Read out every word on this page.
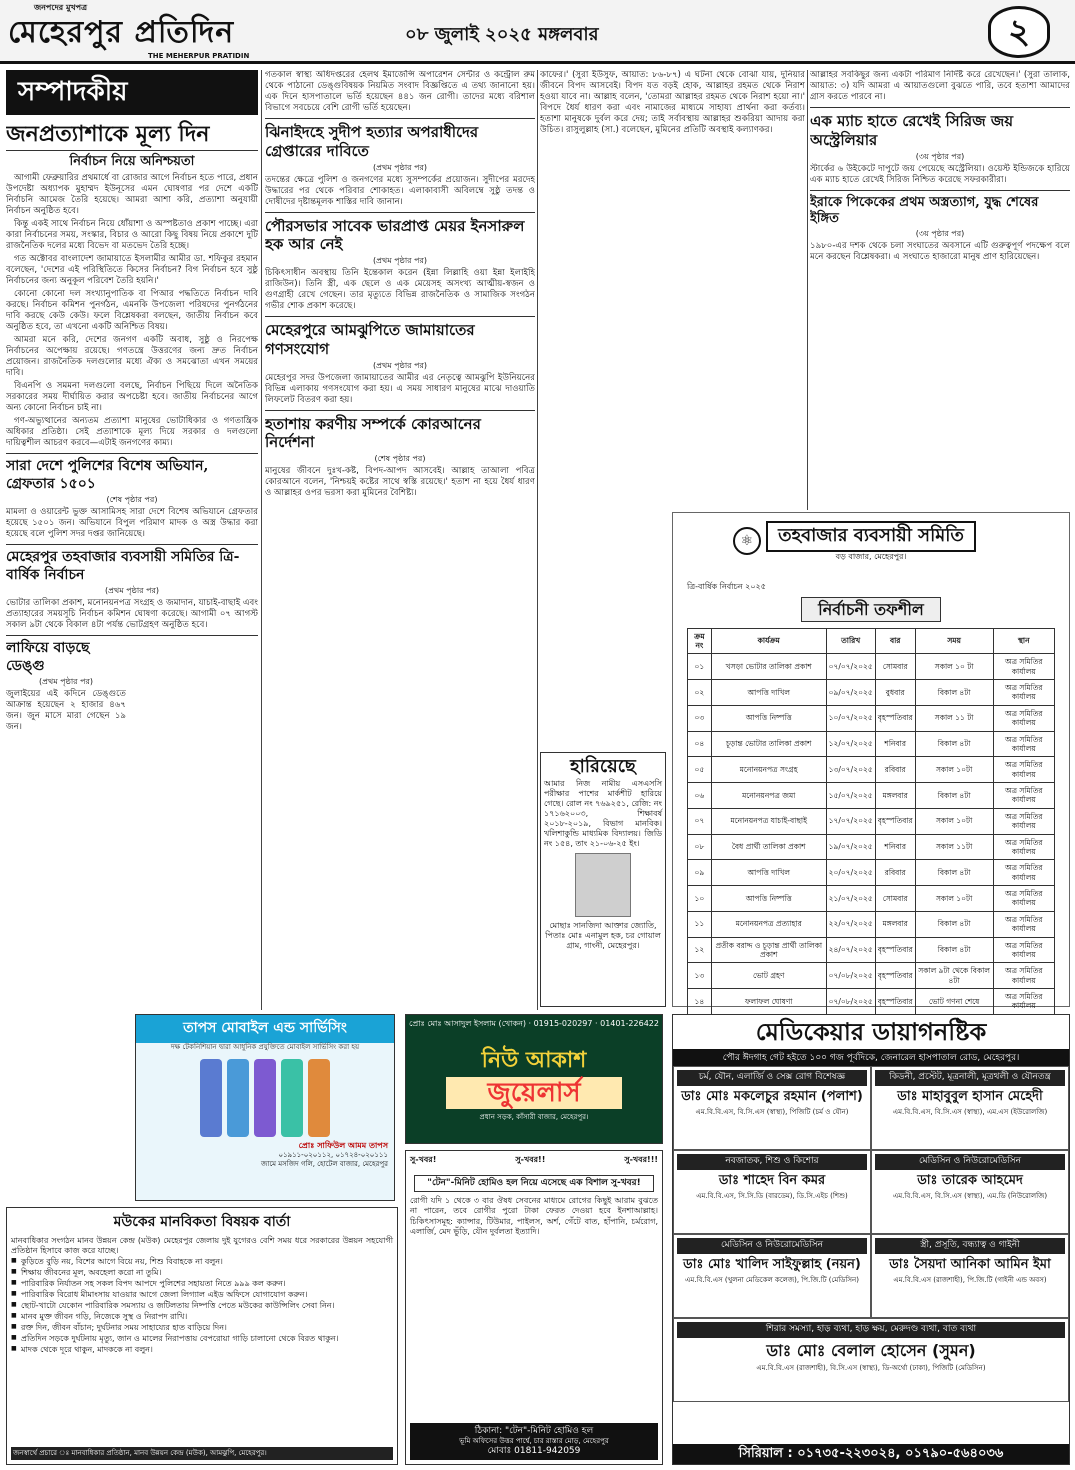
জনপদের মুখপত্র
মেহেরপুর প্রতিদিন
THE MEHERPUR PRATIDIN
০৮ জুলাই ২০২৫ মঙ্গলবার	২
সম্পাদকীয়
জনপ্রত্যাশাকে মূল্য দিন
নির্বাচন নিয়ে অনিশ্চয়তা

আগামী ফেব্রুয়ারির প্রথমার্ধে বা রোজার আগে নির্বাচন হতে পারে, প্রধান উপদেষ্টা অধ্যাপক মুহাম্মদ ইউনূসের এমন ঘোষণার পর দেশে একটি নির্বাচনি আমেজ তৈরি হয়েছে। আমরা আশা করি, প্রত্যাশা অনুযায়ী নির্বাচন অনুষ্ঠিত হবে।

কিন্তু একই সাথে নির্বাচন নিয়ে ধোঁয়াশা ও অস্পষ্টতাও প্রকাশ পাচ্ছে। এরা কারা নির্বাচনের সময়, সংস্কার, বিচার ও আরো কিছু বিষয় নিয়ে প্রকাশে দুটি রাজনৈতিক দলের মধ্যে বিভেদ বা মতভেদ তৈরি হচ্ছে।

গত অক্টোবর বাংলাদেশ জামায়াতে ইসলামীর আমীর ডা. শফিকুর রহমান বলেছেন, 'দেশের এই পরিস্থিতিতে কিসের নির্বাচন? বিগ নির্বাচন হবে সুষ্ঠু নির্বাচনের জন্য অনুকূল পরিবেশ তৈরি হয়নি।'

কোনো কোনো দল সংখ্যানুপাতিক বা পিআর পদ্ধতিতে নির্বাচন দাবি করছে। নির্বাচন কমিশন পুনর্গঠন, এমনকি উপজেলা পরিষদের পুনর্গঠনের দাবি করছে কেউ কেউ। ফলে বিশ্লেষকরা বলছেন, জাতীয় নির্বাচন কবে অনুষ্ঠিত হবে, তা এখনো একটি অনিশ্চিত বিষয়।

আমরা মনে করি, দেশের জনগণ একটি অবাধ, সুষ্ঠু ও নিরপেক্ষ নির্বাচনের অপেক্ষায় রয়েছে। গণতন্ত্রে উত্তরণের জন্য দ্রুত নির্বাচন প্রয়োজন। রাজনৈতিক দলগুলোর মধ্যে ঐক্য ও সমঝোতা এখন সময়ের দাবি।

বিএনপি ও সমমনা দলগুলো বলছে, নির্বাচন পিছিয়ে দিলে অনৈতিক সরকারের সময় দীর্ঘায়িত করার অপচেষ্টা হবে। জাতীয় নির্বাচনের আগে অন্য কোনো নির্বাচন চাই না।

গণ-অভ্যুত্থানের অন্যতম প্রত্যাশা মানুষের ভোটাধিকার ও গণতান্ত্রিক অধিকার প্রতিষ্ঠা। সেই প্রত্যাশাকে মূল্য দিয়ে সরকার ও দলগুলো দায়িত্বশীল আচরণ করবে—এটাই জনগণের কাম্য।

সারা দেশে পুলিশের বিশেষ অভিযান, গ্রেফতার ১৫০১
(শেষ পৃষ্ঠার পর)
মামলা ও ওয়ারেন্ট ভুক্ত আসামিসহ সারা দেশে বিশেষ অভিযানে গ্রেফতার হয়েছে ১৫০১ জন। অভিযানে বিপুল পরিমাণ মাদক ও অস্ত্র উদ্ধার করা হয়েছে বলে পুলিশ সদর দপ্তর জানিয়েছে।
মেহেরপুর তহবাজার ব্যবসায়ী সমিতির ত্রি-বার্ষিক নির্বাচন
(প্রথম পৃষ্ঠার পর)
ভোটার তালিকা প্রকাশ, মনোনয়নপত্র সংগ্রহ ও জমাদান, যাচাই-বাছাই এবং প্রত্যাহারের সময়সূচি নির্বাচন কমিশন ঘোষণা করেছে। আগামী ০৭ আগস্ট সকাল ৯টা থেকে বিকাল ৪টা পর্যন্ত ভোটগ্রহণ অনুষ্ঠিত হবে।
লাফিয়ে বাড়ছে ডেঙ্গু
(প্রথম পৃষ্ঠার পর)
জুলাইয়ের এই কদিনে ডেঙ্গুতে আক্রান্ত হয়েছেন ২ হাজার ৪৬৭ জন। জুন মাসে মারা গেছেন ১৯ জন।
গতকাল স্বাস্থ্য অধিদপ্তরের হেলথ ইমার্জেন্সি অপারেশন সেন্টার ও কন্ট্রোল রুম থেকে পাঠানো ডেঙ্গুবিষয়ক নিয়মিত সংবাদ বিজ্ঞপ্তিতে এ তথ্য জানানো হয়। এক দিনে হাসপাতালে ভর্তি হয়েছেন ৪৪১ জন রোগী। তাদের মধ্যে বরিশাল বিভাগে সবচেয়ে বেশি রোগী ভর্তি হয়েছেন।
ঝিনাইদহে সুদীপ হত্যার অপরাধীদের গ্রেপ্তারের দাবিতে
(প্রথম পৃষ্ঠার পর)
তদন্তের ক্ষেত্রে পুলিশ ও জনগণের মধ্যে সুসম্পর্কের প্রয়োজন। সুদীপের মরদেহ উদ্ধারের পর থেকে পরিবার শোকাহত। এলাকাবাসী অবিলম্বে সুষ্ঠু তদন্ত ও দোষীদের দৃষ্টান্তমূলক শাস্তির দাবি জানান।
পৌরসভার সাবেক ভারপ্রাপ্ত মেয়র ইনসারুল হক আর নেই
(প্রথম পৃষ্ঠার পর)
চিকিৎসাধীন অবস্থায় তিনি ইন্তেকাল করেন (ইন্না লিল্লাহি ওয়া ইন্না ইলাইহি রাজিউন)। তিনি স্ত্রী, এক ছেলে ও এক মেয়েসহ অসংখ্য আত্মীয়-স্বজন ও গুণগ্রাহী রেখে গেছেন। তার মৃত্যুতে বিভিন্ন রাজনৈতিক ও সামাজিক সংগঠন গভীর শোক প্রকাশ করেছে।
মেহেরপুরে আমঝুপিতে জামায়াতের গণসংযোগ
(প্রথম পৃষ্ঠার পর)
মেহেরপুর সদর উপজেলা জামায়াতের আমীর এর নেতৃত্বে আমঝুপি ইউনিয়নের বিভিন্ন এলাকায় গণসংযোগ করা হয়। এ সময় সাধারণ মানুষের মাঝে দাওয়াতি লিফলেট বিতরণ করা হয়।
হতাশায় করণীয় সম্পর্কে কোরআনের নির্দেশনা
(শেষ পৃষ্ঠার পর)
মানুষের জীবনে দুঃখ-কষ্ট, বিপদ-আপদ আসবেই। আল্লাহ তাআলা পবিত্র কোরআনে বলেন, 'নিশ্চয়ই কষ্টের সাথে স্বস্তি রয়েছে।' হতাশ না হয়ে ধৈর্য ধারণ ও আল্লাহর ওপর ভরসা করা মুমিনের বৈশিষ্ট্য।
কাফের।' (সুরা ইউসুফ, আয়াত: ৮৬-৮৭) এ ঘটনা থেকে বোঝা যায়, দুনিয়ার জীবনে বিপদ আসবেই। বিপদ যত বড়ই হোক, আল্লাহর রহমত থেকে নিরাশ হওয়া যাবে না। আল্লাহ বলেন, 'তোমরা আল্লাহর রহমত থেকে নিরাশ হয়ো না।' বিপদে ধৈর্য ধারণ করা এবং নামাজের মাধ্যমে সাহায্য প্রার্থনা করা কর্তব্য। হতাশা মানুষকে দুর্বল করে দেয়; তাই সর্বাবস্থায় আল্লাহর শুকরিয়া আদায় করা উচিত। রাসুলুল্লাহ (সা.) বলেছেন, মুমিনের প্রতিটি অবস্থাই কল্যাণকর।
আল্লাহর সবকিছুর জন্য একটা পরিমাণ নির্দিষ্ট করে রেখেছেন।' (সুরা তালাক, আয়াত: ৩) যদি আমরা এ আয়াতগুলো বুঝতে পারি, তবে হতাশা আমাদের গ্রাস করতে পারবে না।
এক ম্যাচ হাতে রেখেই সিরিজ জয় অস্ট্রেলিয়ার
(৩য় পৃষ্ঠার পর)
স্টার্কের ৬ উইকেটে দাপুটে জয় পেয়েছে অস্ট্রেলিয়া। ওয়েস্ট ইন্ডিজকে হারিয়ে এক ম্যাচ হাতে রেখেই সিরিজ নিশ্চিত করেছে সফরকারীরা।
ইরাকে পিকেকের প্রথম অস্ত্রত্যাগ, যুদ্ধ শেষের ইঙ্গিত
(৩য় পৃষ্ঠার পর)
১৯৮০-এর দশক থেকে চলা সংঘাতের অবসানে এটি গুরুত্বপূর্ণ পদক্ষেপ বলে মনে করছেন বিশ্লেষকরা। এ সংঘাতে হাজারো মানুষ প্রাণ হারিয়েছেন।
হারিয়েছে
আমার নিজ নামীয় এসএসসি পরীক্ষার পাশের মার্কশীট হারিয়ে গেছে। রোল নং ৭৬৯২৫১, রেজি: নং ১৭১৬২০০৩, শিক্ষাবর্ষ ২০১৮-২০১৯, বিভাগ মানবিক। খলিশাকুন্ডি মাধ্যমিক বিদ্যালয়। জিডি নং ১৫৪, তাং ২১-০৬-২৫ ইং।
মোছাঃ সানজিদা আক্তার জ্যোতি, পিতাঃ মোঃ এনামুল হক, চর গোয়াল গ্রাম, গাংনী, মেহেরপুর।
⚛	তহবাজার ব্যবসায়ী সমিতি
বড় বাজার, মেহেরপুর।
ত্রি-বার্ষিক নির্বাচন ২০২৫
নির্বাচনী তফশীল
ক্রম নং	কার্যক্রম	তারিখ	বার	সময়	স্থান
০১	খসড়া ভোটার তালিকা প্রকাশ	০৭/০৭/২০২৫	সোমবার	সকাল ১০ টা	অত্র সমিতির কার্যালয়
০২	আপত্তি দাখিল	০৯/০৭/২০২৫	বুধবার	বিকাল ৪টা	অত্র সমিতির কার্যালয়
০৩	আপত্তি নিষ্পত্তি	১০/০৭/২০২৫	বৃহস্পতিবার	সকাল ১১ টা	অত্র সমিতির কার্যালয়
০৪	চূড়ান্ত ভোটার তালিকা প্রকাশ	১২/০৭/২০২৫	শনিবার	বিকাল ৪টা	অত্র সমিতির কার্যালয়
০৫	মনোনয়নপত্র সংগ্রহ	১৩/০৭/২০২৫	রবিবার	সকাল ১০টা	অত্র সমিতির কার্যালয়
০৬	মনোনয়নপত্র জমা	১৫/০৭/২০২৫	মঙ্গলবার	বিকাল ৪টা	অত্র সমিতির কার্যালয়
০৭	মনোনয়নপত্র যাচাই-বাছাই	১৭/০৭/২০২৫	বৃহস্পতিবার	সকাল ১০টা	অত্র সমিতির কার্যালয়
০৮	বৈধ প্রার্থী তালিকা প্রকাশ	১৯/০৭/২০২৫	শনিবার	সকাল ১১টা	অত্র সমিতির কার্যালয়
০৯	আপত্তি দাখিল	২০/০৭/২০২৫	রবিবার	বিকাল ৪টা	অত্র সমিতির কার্যালয়
১০	আপত্তি নিষ্পত্তি	২১/০৭/২০২৫	সোমবার	সকাল ১০টা	অত্র সমিতির কার্যালয়
১১	মনোনয়নপত্র প্রত্যাহার	২২/০৭/২০২৫	মঙ্গলবার	বিকাল ৪টা	অত্র সমিতির কার্যালয়
১২	প্রতীক বরাদ্দ ও চূড়ান্ত প্রার্থী তালিকা প্রকাশ	২৪/০৭/২০২৫	বৃহস্পতিবার	বিকাল ৪টা	অত্র সমিতির কার্যালয়
১৩	ভোট গ্রহণ	০৭/০৮/২০২৫	বৃহস্পতিবার	সকাল ৯টা থেকে বিকাল ৪টা	অত্র সমিতির কার্যালয়
১৪	ফলাফল ঘোষণা	০৭/০৮/২০২৫	বৃহস্পতিবার	ভোট গণনা শেষে	অত্র সমিতির কার্যালয়

তাপস মোবাইল এন্ড সার্ভিসিং
দক্ষ টেকনিশিয়ান দ্বারা আধুনিক প্রযুক্তিতে মোবাইল সার্ভিসিং করা হয়
প্রোঃ সাফিউল আমম তাপস
০১৯১১-০২০১১২, ০১৭২৪-০২০১১১
জামে মসজিদ গলি, হোটেল বাজার, মেহেরপুর
প্রোঃ মোঃ আসাদুল ইসলাম (খোকন) · 01915-020297 · 01401-226422
নিউ আকাশ
জুয়েলার্স
প্রধান সড়ক, কাঁসারী বাজার, মেহেরপুর।
সু-খবর!	সু-খবর!!	সু-খবর!!!
"টেন"-মিনিট হোমিও হল নিয়ে এসেছে এক বিশাল সু-খবর!
রোগী যদি ১ থেকে ৩ বার ঔষধ সেবনের মাধ্যমে রোগের কিছুই আরাম বুঝতে না পারেন, তবে রোগীর পুরো টাকা ফেরত দেওয়া হবে ইনশাআল্লাহ। চিকিৎসাসমূহ: ক্যান্সার, টিউমার, পাইলস, অর্শ, গেঁটে বাত, হাঁপানি, চর্মরোগ, এলার্জি, মেদ ভুঁড়ি, যৌন দুর্বলতা ইত্যাদি।
ঠিকানা: "টেন"-মিনিট হোমিও হল
ভূমি অফিসের উত্তর পার্শ্বে, চার রাস্তার মোড়, মেহেরপুর
মোবাঃ 01811-942059
মেডিকেয়ার ডায়াগনষ্টিক
পৌর ঈদগাহ গেট হইতে ১০০ গজ পূর্বদিকে, জেনারেল হাসপাতাল রোড, মেহেরপুর।
চর্ম, যৌন, এলার্জি ও সেক্স রোগ বিশেষজ্ঞ
ডাঃ মোঃ মকলেচুর রহমান (পলাশ)
এম.বি.বি.এস, বি.সি.এস (স্বাস্থ্য), পিজিটি (চর্ম ও যৌন)
কিডনী, প্রস্টেট, মূত্রনালী, মূত্রথলী ও যৌনতন্ত্র
ডাঃ মাহাবুবুল হাসান মেহেদী
এম.বি.বি.এস, বি.সি.এস (স্বাস্থ্য), এম.এস (ইউরোলজি)
নবজাতক, শিশু ও কিশোর
ডাঃ শাহেদ বিন কমর
এম.বি.বি.এস, সি.সি.ডি (বারডেম), ডি.সি.এইচ (শিশু)
মেডিসিন ও নিউরোমেডিসিন
ডাঃ তারেক আহমেদ
এম.বি.বি.এস, বি.সি.এস (স্বাস্থ্য), এম.ডি (নিউরোলজি)
মেডিসিন ও নিউরোমেডিসিন
ডাঃ মোঃ খালিদ সাইফুল্লাহ (নয়ন)
এম.বি.বি.এস (খুলনা মেডিকেল কলেজ), পি.জি.টি (মেডিসিন)
স্ত্রী, প্রসূতি, বন্ধ্যাত্ব ও গাইনী
ডাঃ সৈয়দা আনিকা আমিন ইমা
এম.বি.বি.এস (রাজশাহী), পি.জি.টি (গাইনী এন্ড অবস)
শিরার সমস্যা, হাড় ব্যথা, হাড় ক্ষয়, মেরুদণ্ড ব্যথা, বাত ব্যথা
ডাঃ মোঃ বেলাল হোসেন (সুমন)
এম.বি.বি.এস (রাজশাহী), বি.সি.এস (স্বাস্থ্য), ডি-অর্থো (ঢাকা), পিজিটি (মেডিসিন)
সিরিয়াল : ০১৭৩৫-২২৩০২৪, ০১৭৯০-৫৬৪০৩৬
মউকের মানবিকতা বিষয়ক বার্তা
মানবাধিকার সংগঠন মানব উন্নয়ন কেন্দ্র (মউক) মেহেরপুর জেলায় দুই যুগেরও বেশি সময় ধরে সরকারের উন্নয়ন সহযোগী প্রতিষ্ঠান হিসাবে কাজ করে যাচ্ছে।
■ কুড়িতে বুড়ি নয়, বিশের আগে বিয়ে নয়, শিশু বিবাহকে না বলুন।
■ শিক্ষায় জীবনের মূল, অবহেলা করো না তুমি।
■ পারিবারিক নির্যাতন সহ সকল বিপদ আপদে পুলিশের সহায়তা নিতে ৯৯৯ কল করুন।
■ পারিবারিক বিরোধ মীমাংসায় যাওয়ার আগে জেলা লিগ্যাল এইড অফিসে যোগাযোগ করুন।
■ ছোট-খাটো যেকোন পারিবারিক সমস্যায় ও জটিলতায় নিষ্পত্তি পেতে মউকের কাউন্সিলিং সেবা নিন।
■ মানব মুক্ত জীবন গড়ি, নিজেকে সুস্থ ও নিরাপদ রাখি।
■ রক্ত দিন, জীবন বাঁচান; দুর্ঘটনার সময় সাহায্যের হাত বাড়িয়ে দিন।
■ প্রতিদিন সড়কে দুর্ঘটনায় মৃত্যু, জান ও মালের নিরাপত্তায় বেপরোয়া গাড়ি চালানো থেকে বিরত থাকুন।
■ মাদক থেকে দূরে থাকুন, মাদককে না বলুন।
জনস্বার্থে প্রচারে ঃ মানবাধিকার প্রতিষ্ঠান, মানব উন্নয়ন কেন্দ্র (মউক), আমঝুপি, মেহেরপুর।
